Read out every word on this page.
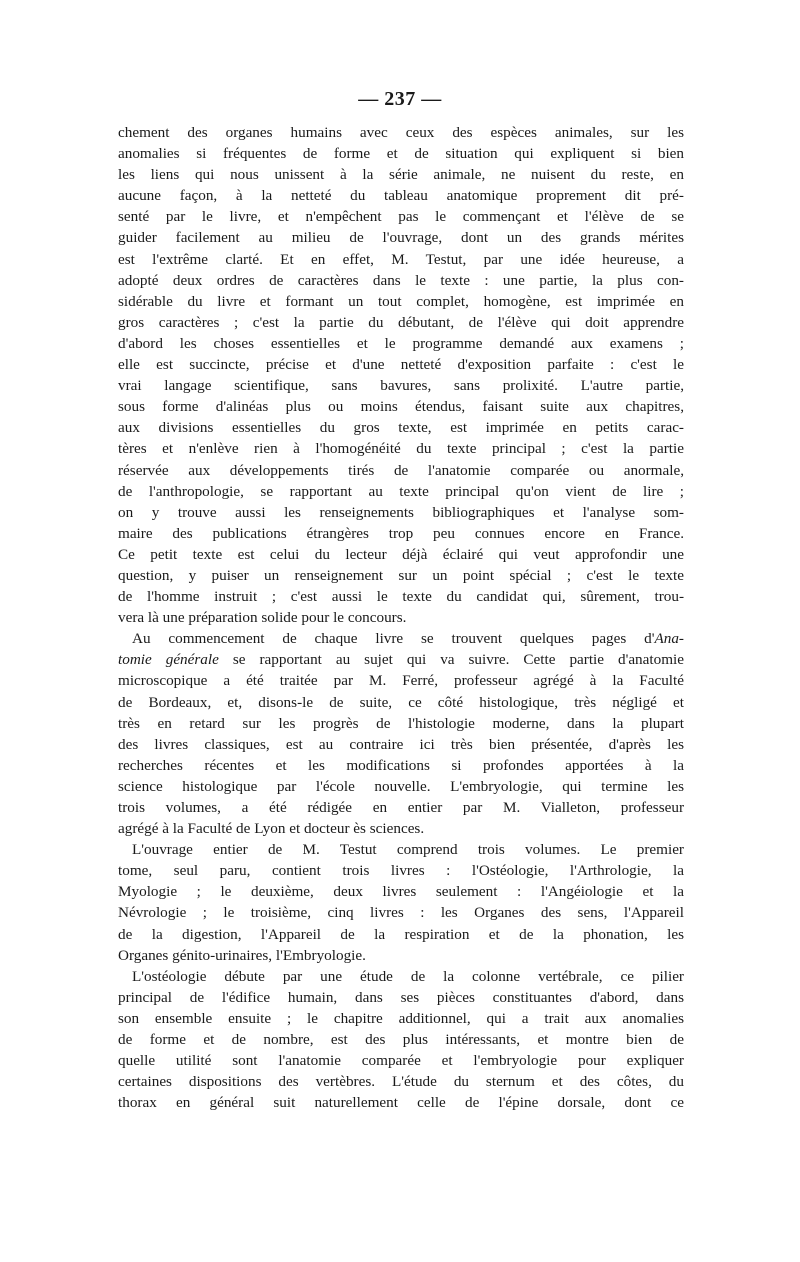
— 237 —
chement des organes humains avec ceux des espèces animales, sur les
anomalies si fréquentes de forme et de situation qui expliquent si bien
les liens qui nous unissent à la série animale, ne nuisent du reste, en
aucune façon, à la netteté du tableau anatomique proprement dit pré-
senté par le livre, et n'empêchent pas le commençant et l'élève de se
guider facilement au milieu de l'ouvrage, dont un des grands mérites
est l'extrême clarté. Et en effet, M. Testut, par une idée heureuse, a
adopté deux ordres de caractères dans le texte : une partie, la plus con-
sidérable du livre et formant un tout complet, homogène, est imprimée en
gros caractères ; c'est la partie du débutant, de l'élève qui doit apprendre
d'abord les choses essentielles et le programme demandé aux examens ;
elle est succincte, précise et d'une netteté d'exposition parfaite : c'est le
vrai langage scientifique, sans bavures, sans prolixité. L'autre partie,
sous forme d'alinéas plus ou moins étendus, faisant suite aux chapitres,
aux divisions essentielles du gros texte, est imprimée en petits carac-
tères et n'enlève rien à l'homogénéité du texte principal ; c'est la partie
réservée aux développements tirés de l'anatomie comparée ou anormale,
de l'anthropologie, se rapportant au texte principal qu'on vient de lire ;
on y trouve aussi les renseignements bibliographiques et l'analyse som-
maire des publications étrangères trop peu connues encore en France.
Ce petit texte est celui du lecteur déjà éclairé qui veut approfondir une
question, y puiser un renseignement sur un point spécial ; c'est le texte
de l'homme instruit ; c'est aussi le texte du candidat qui, sûrement, trou-
vera là une préparation solide pour le concours.
Au commencement de chaque livre se trouvent quelques pages d'Ana-
tomie générale se rapportant au sujet qui va suivre. Cette partie d'anatomie
microscopique a été traitée par M. Ferré, professeur agrégé à la Faculté
de Bordeaux, et, disons-le de suite, ce côté histologique, très négligé et
très en retard sur les progrès de l'histologie moderne, dans la plupart
des livres classiques, est au contraire ici très bien présentée, d'après les
recherches récentes et les modifications si profondes apportées à la
science histologique par l'école nouvelle. L'embryologie, qui termine les
trois volumes, a été rédigée en entier par M. Vialleton, professeur
agrégé à la Faculté de Lyon et docteur ès sciences.
L'ouvrage entier de M. Testut comprend trois volumes. Le premier
tome, seul paru, contient trois livres : l'Ostéologie, l'Arthrologie, la
Myologie ; le deuxième, deux livres seulement : l'Angéiologie et la
Névrologie ; le troisième, cinq livres : les Organes des sens, l'Appareil
de la digestion, l'Appareil de la respiration et de la phonation, les
Organes génito-urinaires, l'Embryologie.
L'ostéologie débute par une étude de la colonne vertébrale, ce pilier
principal de l'édifice humain, dans ses pièces constituantes d'abord, dans
son ensemble ensuite ; le chapitre additionnel, qui a trait aux anomalies
de forme et de nombre, est des plus intéressants, et montre bien de
quelle utilité sont l'anatomie comparée et l'embryologie pour expliquer
certaines dispositions des vertèbres. L'étude du sternum et des côtes, du
thorax en général suit naturellement celle de l'épine dorsale, dont ce
